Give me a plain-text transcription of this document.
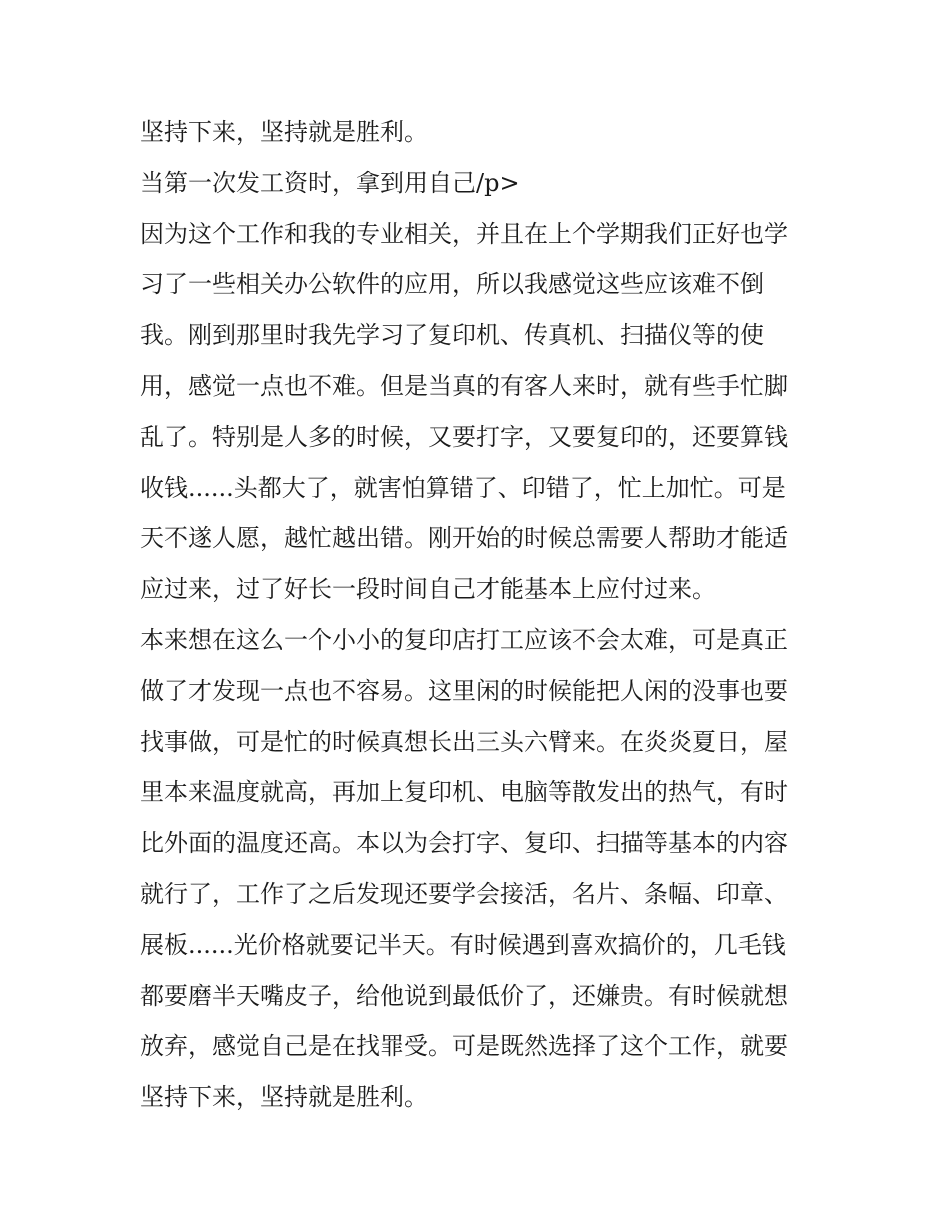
坚持下来，坚持就是胜利。
当第一次发工资时，拿到用自己/p>
因为这个工作和我的专业相关，并且在上个学期我们正好也学
习了一些相关办公软件的应用，所以我感觉这些应该难不倒
我。刚到那里时我先学习了复印机、传真机、扫描仪等的使
用，感觉一点也不难。但是当真的有客人来时，就有些手忙脚
乱了。特别是人多的时候，又要打字，又要复印的，还要算钱
收钱......头都大了，就害怕算错了、印错了，忙上加忙。可是
天不遂人愿，越忙越出错。刚开始的时候总需要人帮助才能适
应过来，过了好长一段时间自己才能基本上应付过来。
本来想在这么一个小小的复印店打工应该不会太难，可是真正
做了才发现一点也不容易。这里闲的时候能把人闲的没事也要
找事做，可是忙的时候真想长出三头六臂来。在炎炎夏日，屋
里本来温度就高，再加上复印机、电脑等散发出的热气，有时
比外面的温度还高。本以为会打字、复印、扫描等基本的内容
就行了，工作了之后发现还要学会接活，名片、条幅、印章、
展板......光价格就要记半天。有时候遇到喜欢搞价的，几毛钱
都要磨半天嘴皮子，给他说到最低价了，还嫌贵。有时候就想
放弃，感觉自己是在找罪受。可是既然选择了这个工作，就要
坚持下来，坚持就是胜利。
